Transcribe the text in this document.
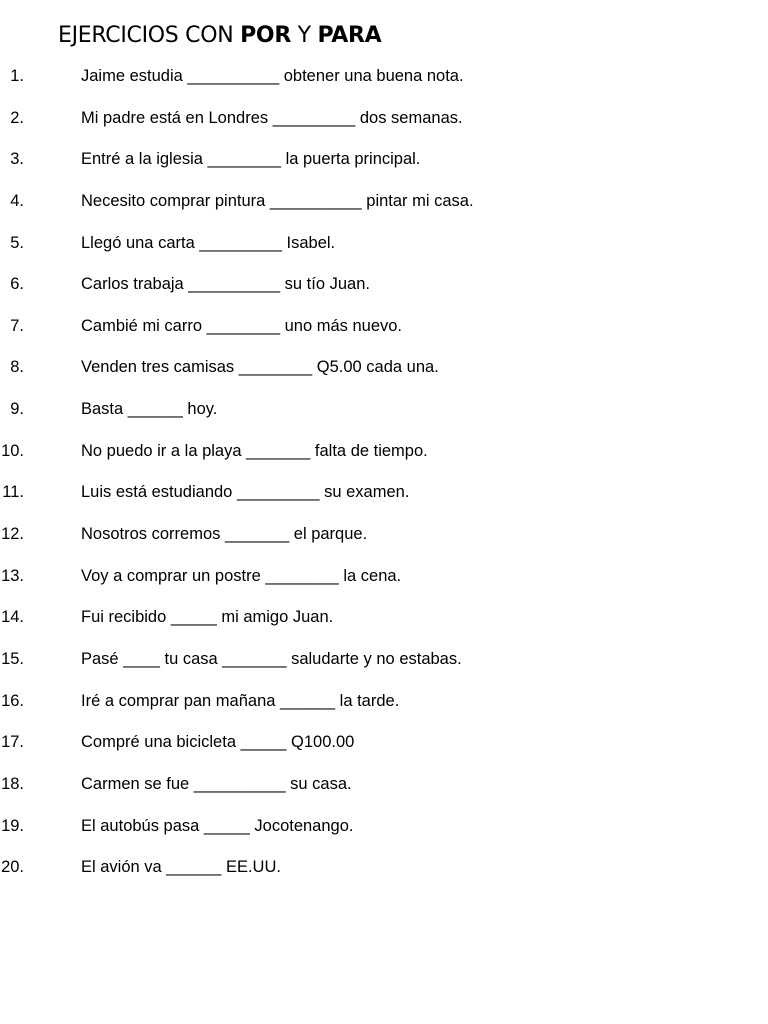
EJERCICIOS CON POR Y PARA
1.	Jaime estudia __________ obtener una buena nota.
2.	Mi padre está en Londres _________ dos semanas.
3.	Entré a la iglesia ________ la puerta principal.
4.	Necesito comprar pintura __________ pintar mi casa.
5.	Llegó una carta _________ Isabel.
6.	Carlos trabaja __________ su tío Juan.
7.	Cambié mi carro ________ uno más nuevo.
8.	Venden tres camisas ________ Q5.00 cada una.
9.	Basta ______ hoy.
10.	No puedo ir a la playa _______ falta de tiempo.
11.	Luis está estudiando _________ su examen.
12.	Nosotros corremos _______ el parque.
13.	Voy a comprar un postre ________ la cena.
14.	Fui recibido _____ mi amigo Juan.
15.	Pasé ____ tu casa _______ saludarte y no estabas.
16.	Iré a comprar pan mañana ______ la tarde.
17.	Compré una bicicleta _____ Q100.00
18.	Carmen se fue __________ su casa.
19.	El autobús pasa _____ Jocotenango.
20.	El avión va ______ EE.UU.
